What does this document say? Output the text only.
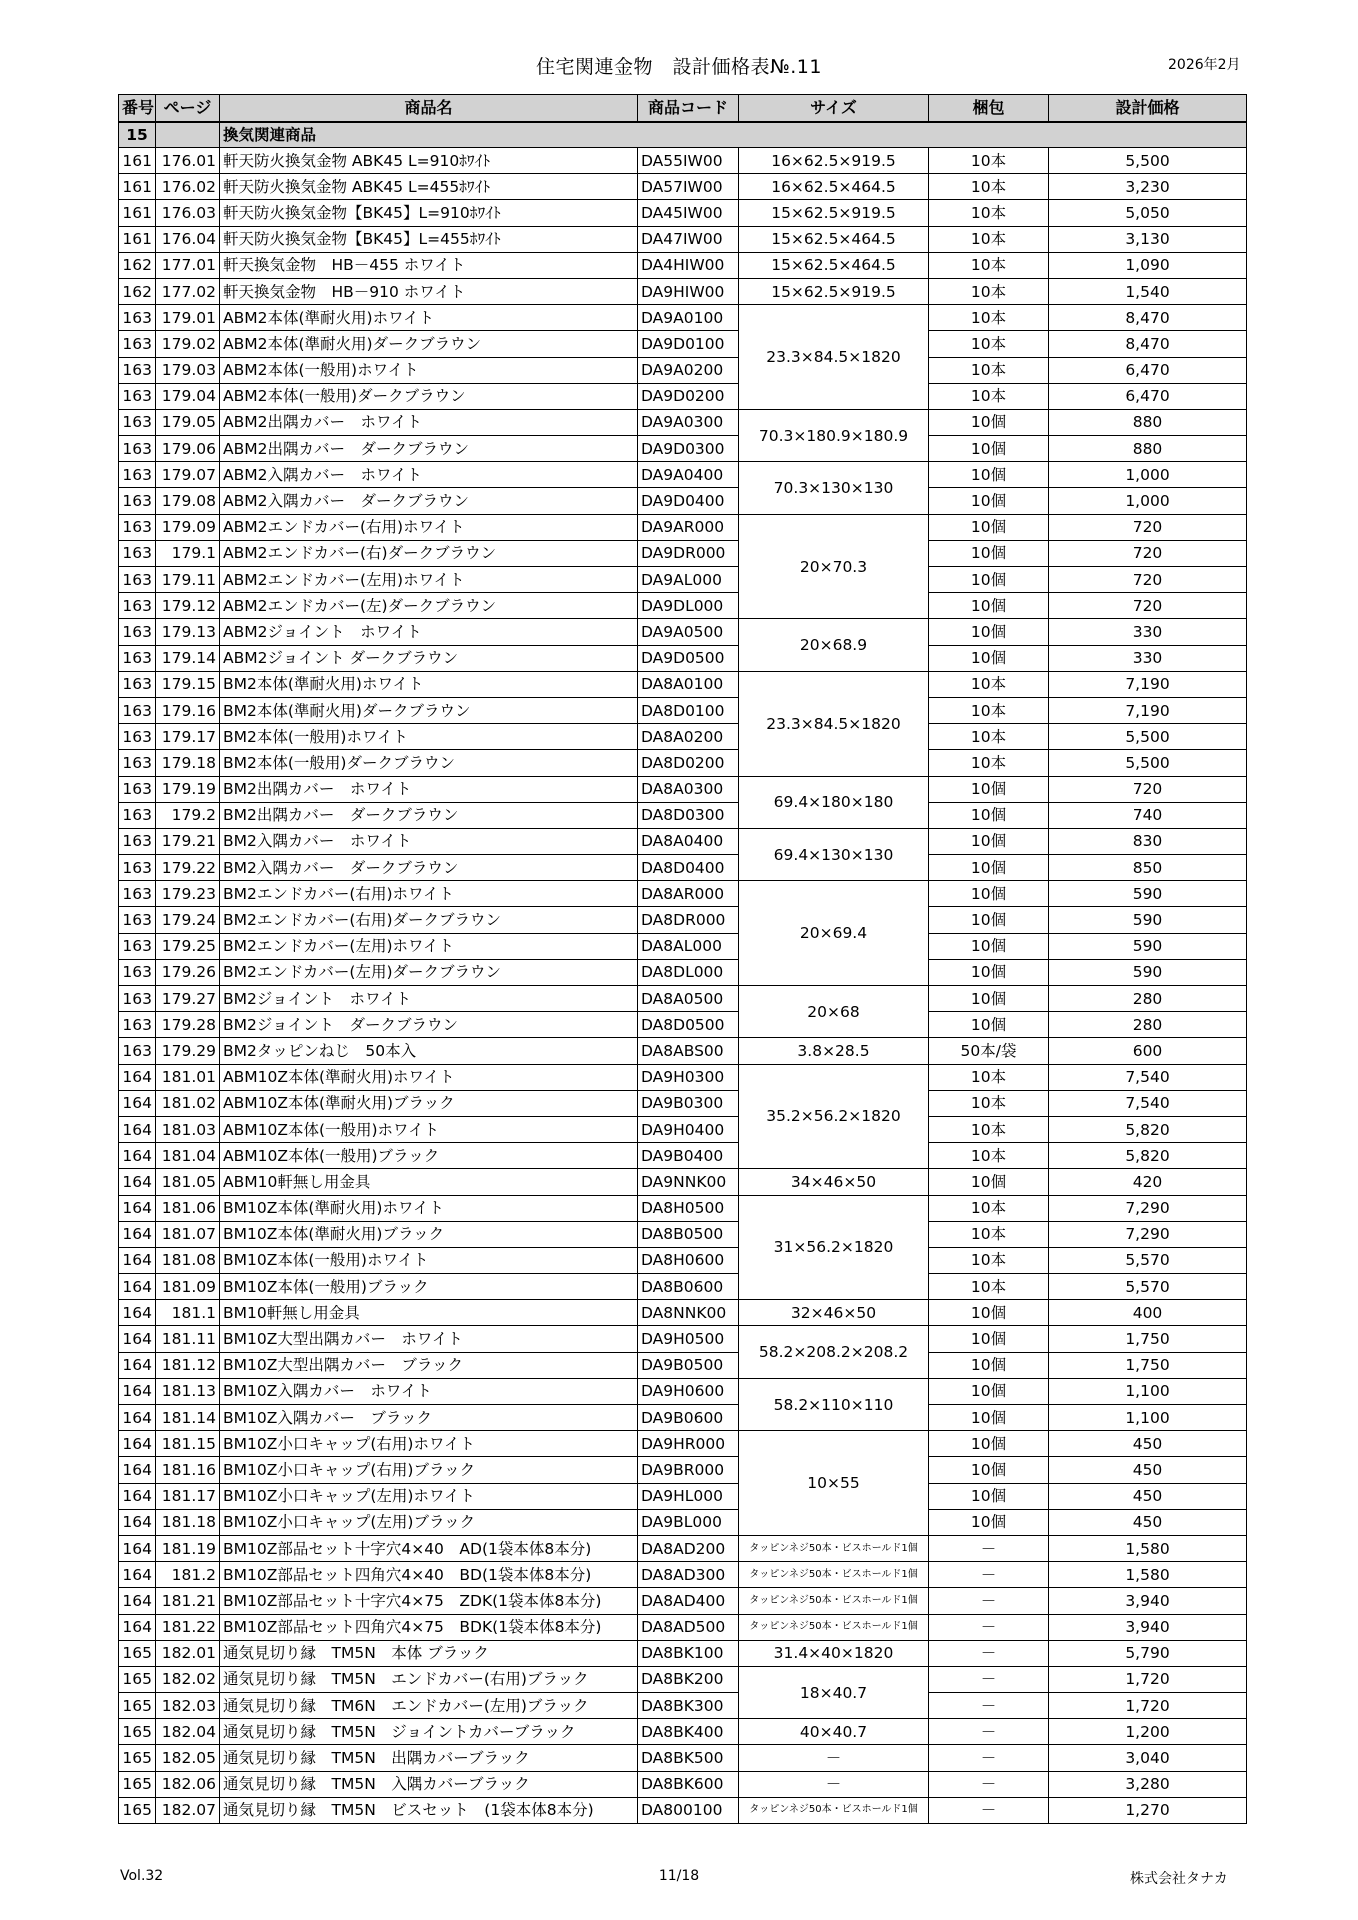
住宅関連金物　設計価格表№.11	2026年2月
番号	ページ	商品名	商品コード	サイズ	梱包	設計価格
15		換気関連商品				
161	176.01	軒天防火換気金物 ABK45 L=910ﾎﾜｲﾄ	DA55IW00	16×62.5×919.5	10本	5,500
161	176.02	軒天防火換気金物 ABK45 L=455ﾎﾜｲﾄ	DA57IW00	16×62.5×464.5	10本	3,230
161	176.03	軒天防火換気金物【BK45】L=910ﾎﾜｲﾄ	DA45IW00	15×62.5×919.5	10本	5,050
161	176.04	軒天防火換気金物【BK45】L=455ﾎﾜｲﾄ	DA47IW00	15×62.5×464.5	10本	3,130
162	177.01	軒天換気金物　HB－455 ホワイト	DA4HIW00	15×62.5×464.5	10本	1,090
162	177.02	軒天換気金物　HB－910 ホワイト	DA9HIW00	15×62.5×919.5	10本	1,540
163	179.01	ABM2本体(準耐火用)ホワイト	DA9A0100	23.3×84.5×1820	10本	8,470
163	179.02	ABM2本体(準耐火用)ダークブラウン	DA9D0100		10本	8,470
163	179.03	ABM2本体(一般用)ホワイト	DA9A0200		10本	6,470
163	179.04	ABM2本体(一般用)ダークブラウン	DA9D0200		10本	6,470
163	179.05	ABM2出隅カバー　ホワイト	DA9A0300	70.3×180.9×180.9	10個	880
163	179.06	ABM2出隅カバー　ダークブラウン	DA9D0300		10個	880
163	179.07	ABM2入隅カバー　ホワイト	DA9A0400	70.3×130×130	10個	1,000
163	179.08	ABM2入隅カバー　ダークブラウン	DA9D0400		10個	1,000
163	179.09	ABM2エンドカバー(右用)ホワイト	DA9AR000	20×70.3	10個	720
163	179.1	ABM2エンドカバー(右)ダークブラウン	DA9DR000		10個	720
163	179.11	ABM2エンドカバー(左用)ホワイト	DA9AL000		10個	720
163	179.12	ABM2エンドカバー(左)ダークブラウン	DA9DL000		10個	720
163	179.13	ABM2ジョイント　ホワイト	DA9A0500	20×68.9	10個	330
163	179.14	ABM2ジョイント ダークブラウン	DA9D0500		10個	330
163	179.15	BM2本体(準耐火用)ホワイト	DA8A0100	23.3×84.5×1820	10本	7,190
163	179.16	BM2本体(準耐火用)ダークブラウン	DA8D0100		10本	7,190
163	179.17	BM2本体(一般用)ホワイト	DA8A0200		10本	5,500
163	179.18	BM2本体(一般用)ダークブラウン	DA8D0200		10本	5,500
163	179.19	BM2出隅カバー　ホワイト	DA8A0300	69.4×180×180	10個	720
163	179.2	BM2出隅カバー　ダークブラウン	DA8D0300		10個	740
163	179.21	BM2入隅カバー　ホワイト	DA8A0400	69.4×130×130	10個	830
163	179.22	BM2入隅カバー　ダークブラウン	DA8D0400		10個	850
163	179.23	BM2エンドカバー(右用)ホワイト	DA8AR000	20×69.4	10個	590
163	179.24	BM2エンドカバー(右用)ダークブラウン	DA8DR000		10個	590
163	179.25	BM2エンドカバー(左用)ホワイト	DA8AL000		10個	590
163	179.26	BM2エンドカバー(左用)ダークブラウン	DA8DL000		10個	590
163	179.27	BM2ジョイント　ホワイト	DA8A0500	20×68	10個	280
163	179.28	BM2ジョイント　ダークブラウン	DA8D0500		10個	280
163	179.29	BM2タッピンねじ　50本入	DA8ABS00	3.8×28.5	50本/袋	600
164	181.01	ABM10Z本体(準耐火用)ホワイト	DA9H0300	35.2×56.2×1820	10本	7,540
164	181.02	ABM10Z本体(準耐火用)ブラック	DA9B0300		10本	7,540
164	181.03	ABM10Z本体(一般用)ホワイト	DA9H0400		10本	5,820
164	181.04	ABM10Z本体(一般用)ブラック	DA9B0400		10本	5,820
164	181.05	ABM10軒無し用金具	DA9NNK00	34×46×50	10個	420
164	181.06	BM10Z本体(準耐火用)ホワイト	DA8H0500	31×56.2×1820	10本	7,290
164	181.07	BM10Z本体(準耐火用)ブラック	DA8B0500		10本	7,290
164	181.08	BM10Z本体(一般用)ホワイト	DA8H0600		10本	5,570
164	181.09	BM10Z本体(一般用)ブラック	DA8B0600		10本	5,570
164	181.1	BM10軒無し用金具	DA8NNK00	32×46×50	10個	400
164	181.11	BM10Z大型出隅カバー　ホワイト	DA9H0500	58.2×208.2×208.2	10個	1,750
164	181.12	BM10Z大型出隅カバー　ブラック	DA9B0500		10個	1,750
164	181.13	BM10Z入隅カバー　ホワイト	DA9H0600	58.2×110×110	10個	1,100
164	181.14	BM10Z入隅カバー　ブラック	DA9B0600		10個	1,100
164	181.15	BM10Z小口キャップ(右用)ホワイト	DA9HR000	10×55	10個	450
164	181.16	BM10Z小口キャップ(右用)ブラック	DA9BR000		10個	450
164	181.17	BM10Z小口キャップ(左用)ホワイト	DA9HL000		10個	450
164	181.18	BM10Z小口キャップ(左用)ブラック	DA9BL000		10個	450
164	181.19	BM10Z部品セット十字穴4×40　AD(1袋本体8本分)	DA8AD200	タッピンネジ50本・ビスホールド1個	－	1,580
164	181.2	BM10Z部品セット四角穴4×40　BD(1袋本体8本分)	DA8AD300	タッピンネジ50本・ビスホールド1個	－	1,580
164	181.21	BM10Z部品セット十字穴4×75　ZDK(1袋本体8本分)	DA8AD400	タッピンネジ50本・ビスホールド1個	－	3,940
164	181.22	BM10Z部品セット四角穴4×75　BDK(1袋本体8本分)	DA8AD500	タッピンネジ50本・ビスホールド1個	－	3,940
165	182.01	通気見切り縁　TM5N　本体 ブラック	DA8BK100	31.4×40×1820	－	5,790
165	182.02	通気見切り縁　TM5N　エンドカバー(右用)ブラック	DA8BK200	18×40.7	－	1,720
165	182.03	通気見切り縁　TM6N　エンドカバー(左用)ブラック	DA8BK300		－	1,720
165	182.04	通気見切り縁　TM5N　ジョイントカバーブラック	DA8BK400	40×40.7	－	1,200
165	182.05	通気見切り縁　TM5N　出隅カバーブラック	DA8BK500	－	－	3,040
165	182.06	通気見切り縁　TM5N　入隅カバーブラック	DA8BK600	－	－	3,280
165	182.07	通気見切り縁　TM5N　ビスセット　(1袋本体8本分)	DA800100	タッピンネジ50本・ビスホールド1個	－	1,270
Vol.32	11/18	株式会社タナカ
